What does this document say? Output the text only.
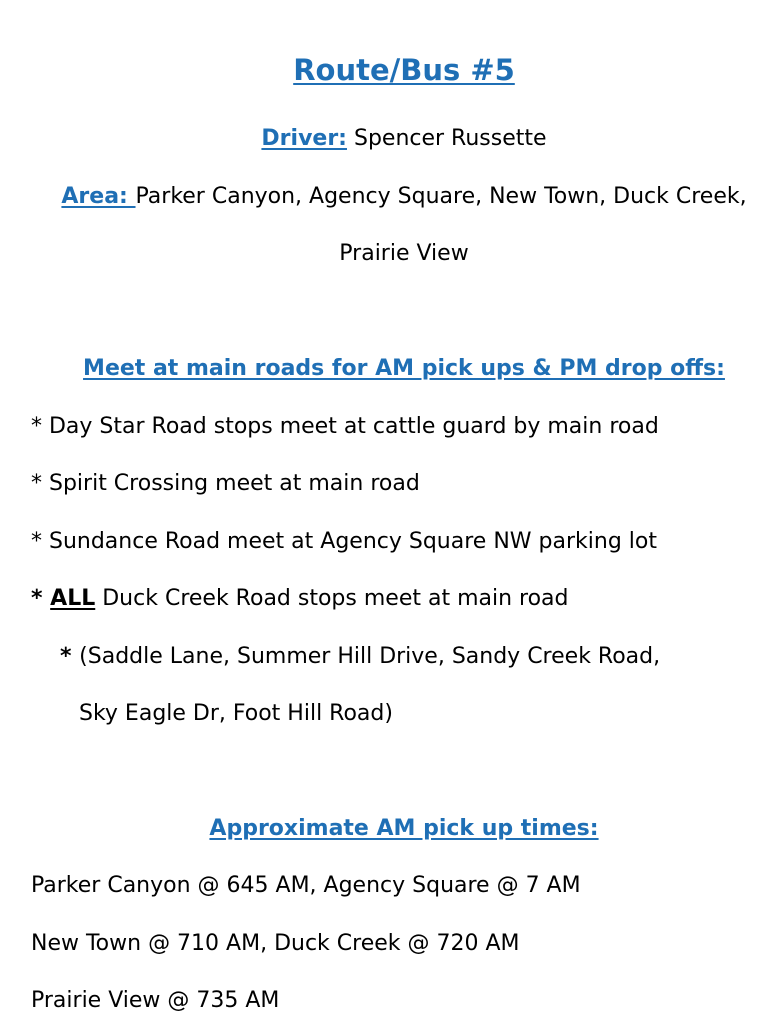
Route/Bus #5
Driver: Spencer Russette
Area: Parker Canyon, Agency Square, New Town, Duck Creek,
Prairie View
Meet at main roads for AM pick ups & PM drop offs:
* Day Star Road stops meet at cattle guard by main road
* Spirit Crossing meet at main road
* Sundance Road meet at Agency Square NW parking lot
* ALL Duck Creek Road stops meet at main road
* (Saddle Lane, Summer Hill Drive, Sandy Creek Road,
Sky Eagle Dr, Foot Hill Road)
Approximate AM pick up times:
Parker Canyon @ 645 AM, Agency Square @ 7 AM
New Town @ 710 AM, Duck Creek @ 720 AM
Prairie View @ 735 AM
